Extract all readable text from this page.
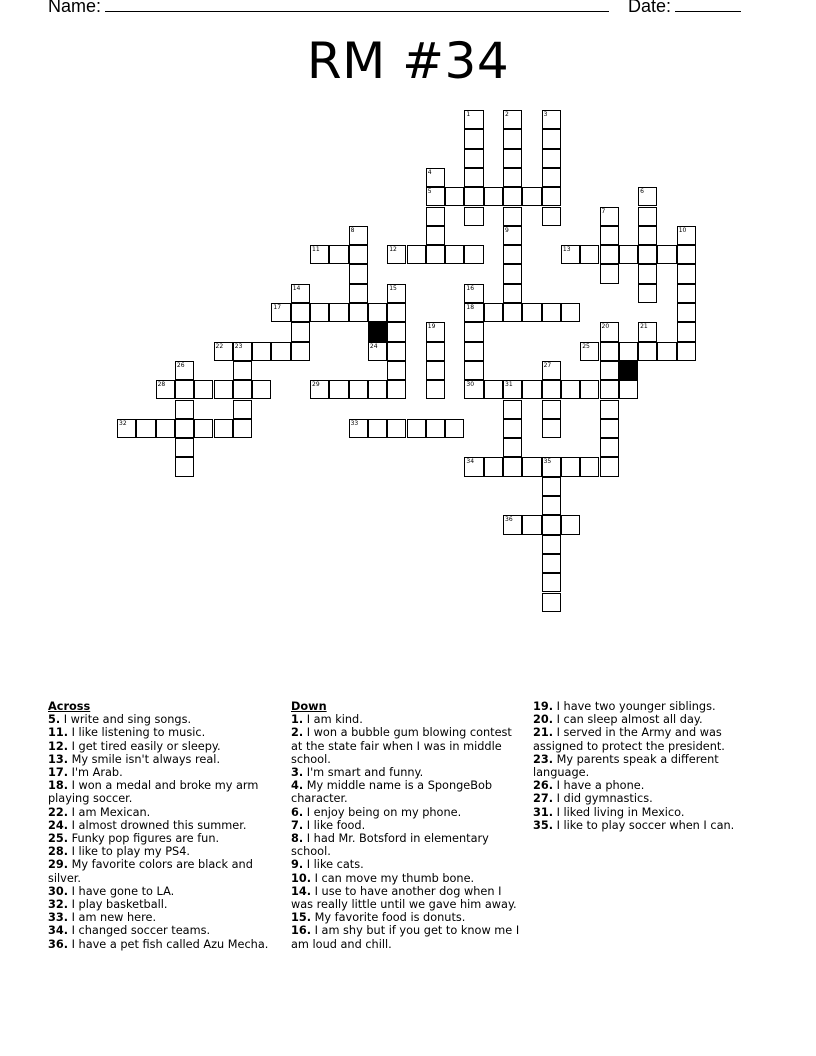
Name:	Date:
RM #34
1	2	3
4
5	6
7
8	9	10
11	12	13
14	15	16
18
17
19	20	21
22 23	24	25
26	27
28	29	30	31
32	33
34	35
36
Across
5. I write and sing songs.
11. I like listening to music.
12. I get tired easily or sleepy.
13. My smile isn't always real.
17. I'm Arab.
18. I won a medal and broke my arm playing soccer.
22. I am Mexican.
24. I almost drowned this summer.
25. Funky pop figures are fun.
28. I like to play my PS4.
29. My favorite colors are black and silver.
30. I have gone to LA.
32. I play basketball.
33. I am new here.
34. I changed soccer teams.
36. I have a pet fish called Azu Mecha.
Down
1. I am kind.
2. I won a bubble gum blowing contest at the state fair when I was in middle school.
3. I'm smart and funny.
4. My middle name is a SpongeBob character.
6. I enjoy being on my phone.
7. I like food.
8. I had Mr. Botsford in elementary school.
9. I like cats.
10. I can move my thumb bone.
14. I use to have another dog when I was really little until we gave him away.
15. My favorite food is donuts.
16. I am shy but if you get to know me I am loud and chill.
19. I have two younger siblings.
20. I can sleep almost all day.
21. I served in the Army and was assigned to protect the president.
23. My parents speak a different language.
26. I have a phone.
27. I did gymnastics.
31. I liked living in Mexico.
35. I like to play soccer when I can.
